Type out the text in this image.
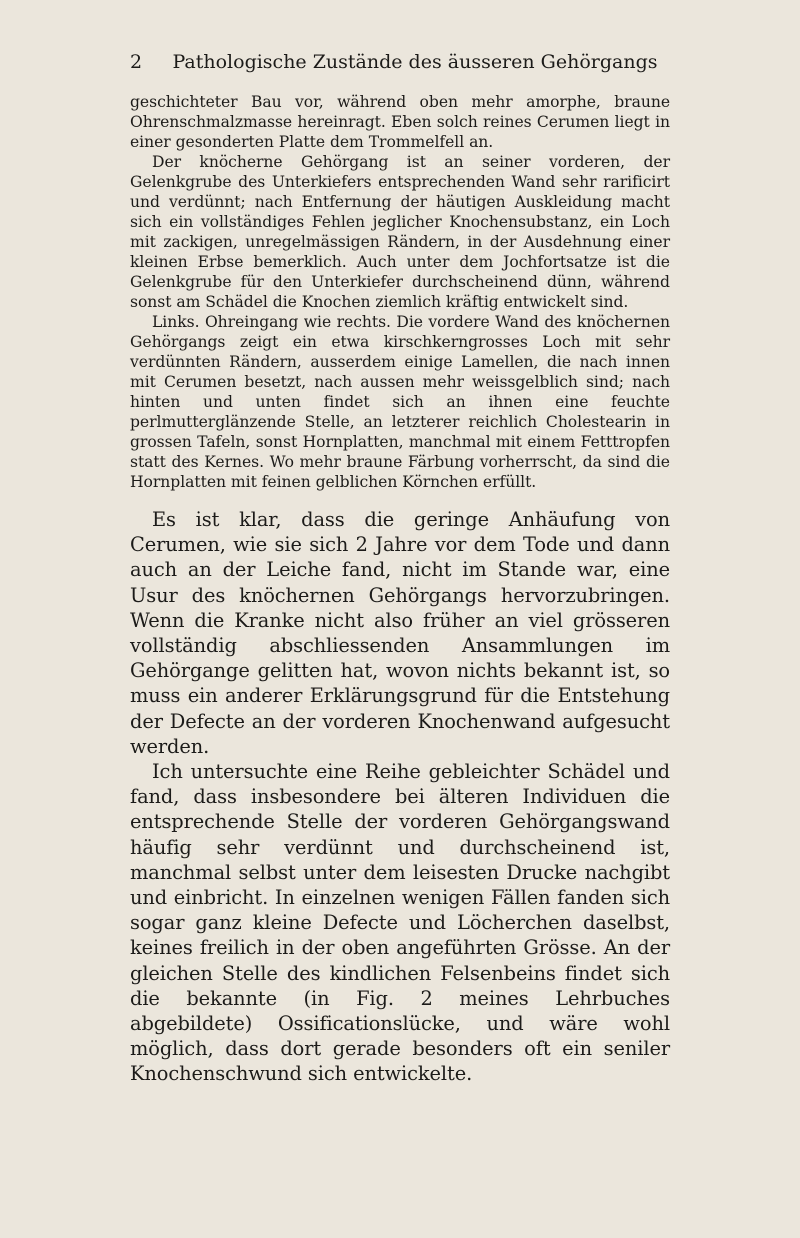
2	Pathologische Zustände des äusseren Gehörgangs

geschichteter Bau vor, während oben mehr amorphe, braune Ohrenschmalzmasse hereinragt. Eben solch reines Cerumen liegt in einer gesonderten Platte dem Trommelfell an.

Der knöcherne Gehörgang ist an seiner vorderen, der Gelenkgrube des Unterkiefers entsprechenden Wand sehr rarificirt und verdünnt; nach Entfernung der häutigen Auskleidung macht sich ein vollständiges Fehlen jeglicher Knochensubstanz, ein Loch mit zackigen, unregelmässigen Rändern, in der Ausdehnung einer kleinen Erbse bemerklich. Auch unter dem Jochfortsatze ist die Gelenkgrube für den Unterkiefer durchscheinend dünn, während sonst am Schädel die Knochen ziemlich kräftig entwickelt sind.

Links. Ohreingang wie rechts. Die vordere Wand des knöchernen Gehörgangs zeigt ein etwa kirschkerngrosses Loch mit sehr verdünnten Rändern, ausserdem einige Lamellen, die nach innen mit Cerumen besetzt, nach aussen mehr weissgelblich sind; nach hinten und unten findet sich an ihnen eine feuchte perlmutterglänzende Stelle, an letzterer reichlich Cholestearin in grossen Tafeln, sonst Hornplatten, manchmal mit einem Fetttropfen statt des Kernes. Wo mehr braune Färbung vorherrscht, da sind die Hornplatten mit feinen gelblichen Körnchen erfüllt.

Es ist klar, dass die geringe Anhäufung von Cerumen, wie sie sich 2 Jahre vor dem Tode und dann auch an der Leiche fand, nicht im Stande war, eine Usur des knöchernen Gehörgangs hervorzubringen. Wenn die Kranke nicht also früher an viel grösseren vollständig abschliessenden Ansammlungen im Gehörgange gelitten hat, wovon nichts bekannt ist, so muss ein anderer Erklärungsgrund für die Entstehung der Defecte an der vorderen Knochenwand aufgesucht werden.

Ich untersuchte eine Reihe gebleichter Schädel und fand, dass insbesondere bei älteren Individuen die entsprechende Stelle der vorderen Gehörgangswand häufig sehr verdünnt und durchscheinend ist, manchmal selbst unter dem leisesten Drucke nachgibt und einbricht. In einzelnen wenigen Fällen fanden sich sogar ganz kleine Defecte und Löcherchen daselbst, keines freilich in der oben angeführten Grösse. An der gleichen Stelle des kindlichen Felsenbeins findet sich die bekannte (in Fig. 2 meines Lehrbuches abgebildete) Ossificationslücke, und wäre wohl möglich, dass dort gerade besonders oft ein seniler Knochenschwund sich entwickelte.
